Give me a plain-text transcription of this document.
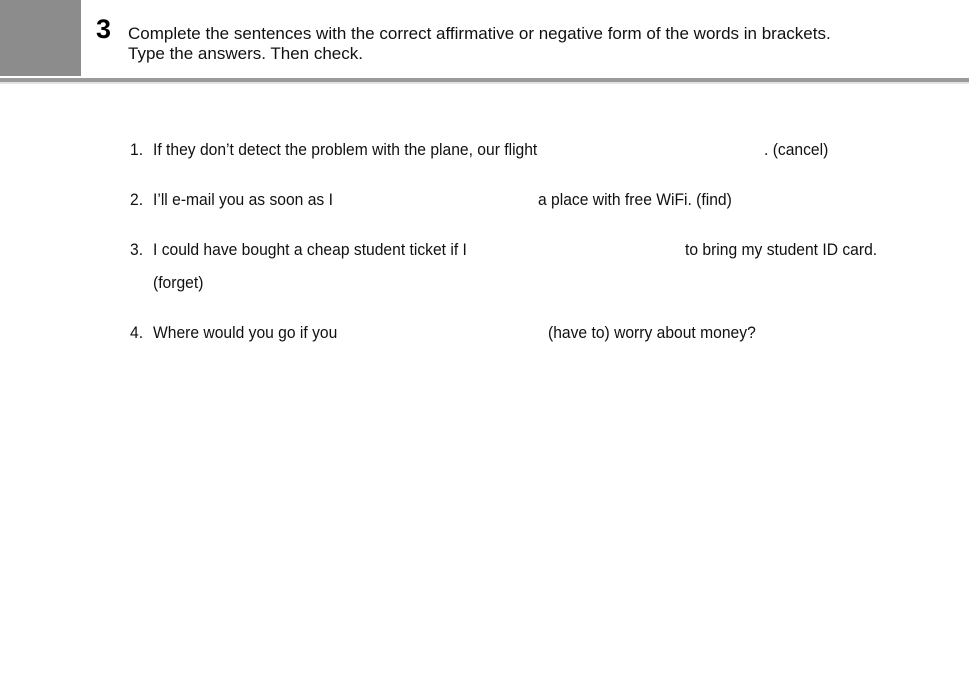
3 Complete the sentences with the correct affirmative or negative form of the words in brackets.
Type the answers. Then check.
1. If they don’t detect the problem with the plane, our flight	. (cancel)
2. I’ll e-mail you as soon as I	a place with free WiFi. (find)
3. I could have bought a cheap student ticket if I	to bring my student ID card.
(forget)
4. Where would you go if you	(have to) worry about money?
